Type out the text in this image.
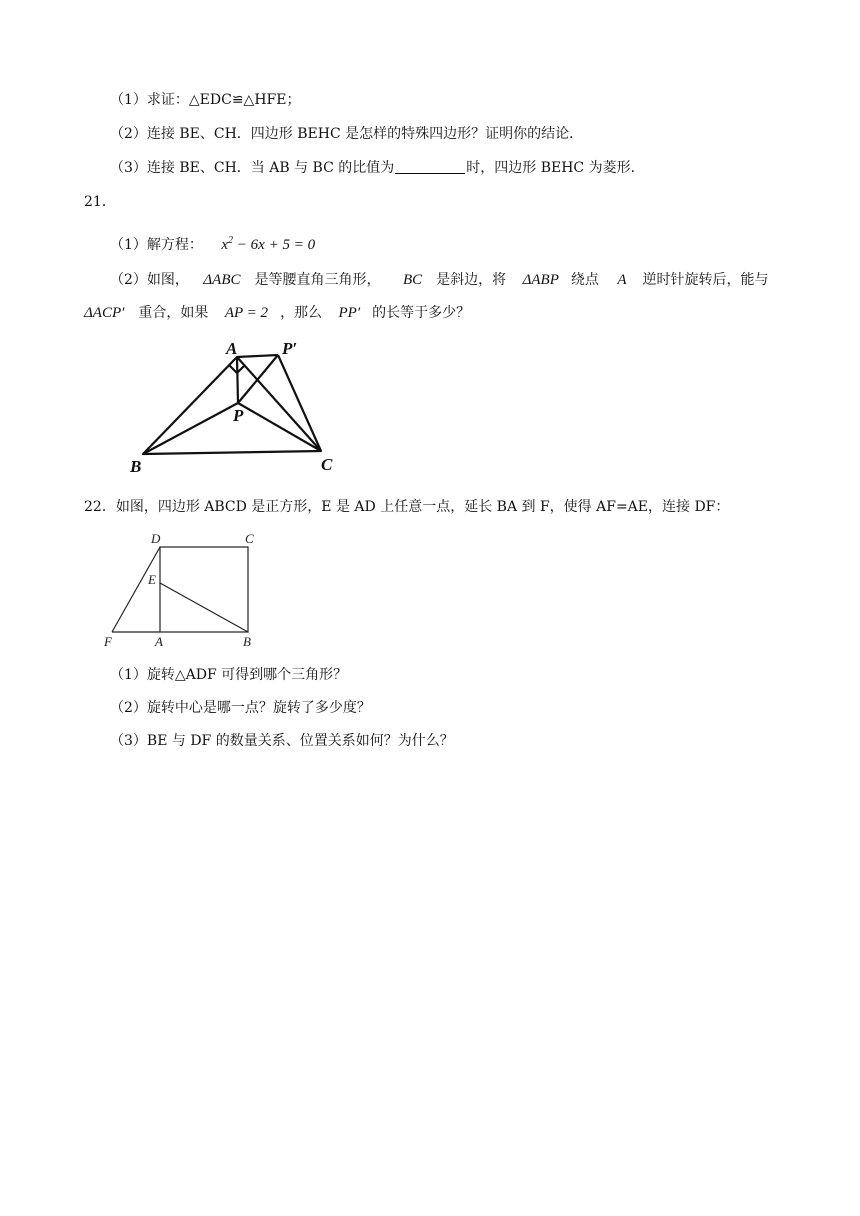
（1）求证：△EDC≌△HFE；
（2）连接 BE、CH．四边形 BEHC 是怎样的特殊四边形？证明你的结论．
（3）连接 BE、CH．当 AB 与 BC 的比值为	时，四边形 BEHC 为菱形．
21．
（1）解方程： $x^2 - 6x + 5 = 0$
（2）如图， ΔABC 是等腰直角三角形， BC 是斜边，将 ΔABP 绕点 A 逆时针旋转后，能与
ΔACP′ 重合，如果 AP = 2 ，那么 PP′ 的长等于多少？
A	P′
P
B	C
D	C
E
F	A	B
22．如图，四边形 ABCD 是正方形，E 是 AD 上任意一点，延长 BA 到 F，使得 AF=AE，连接 DF：
（1）旋转△ADF 可得到哪个三角形？
（2）旋转中心是哪一点？旋转了多少度？
（3）BE 与 DF 的数量关系、位置关系如何？为什么？
